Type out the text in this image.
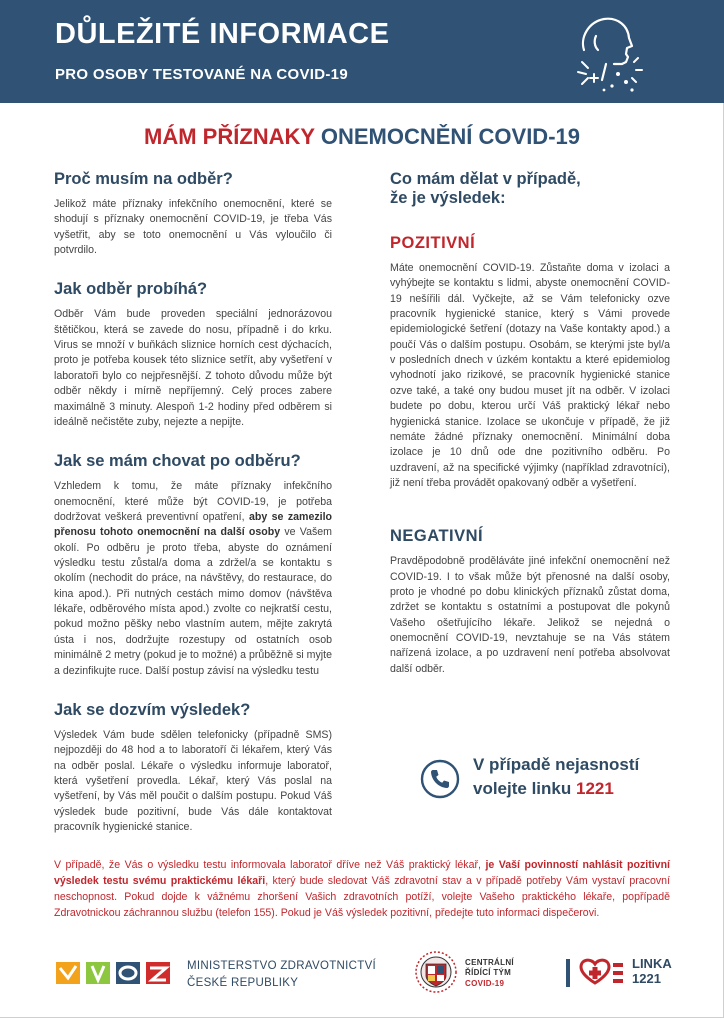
DŮLEŽITÉ INFORMACE
PRO OSOBY TESTOVANÉ NA COVID-19
MÁM PŘÍZNAKY ONEMOCNĚNÍ COVID-19
Proč musím na odběr?

Jelikož máte příznaky infekčního onemocnění, které se shodují s příznaky onemocnění COVID-19, je třeba Vás vyšetřit, aby se toto onemocnění u Vás vyloučilo či potvrdilo.

Jak odběr probíhá?

Odběr Vám bude proveden speciální jednorázovou štětičkou, která se zavede do nosu, případně i do krku. Virus se množí v buňkách sliznice horních cest dýchacích, proto je potřeba kousek této sliznice setřít, aby vyšetření v laboratoři bylo co nejpřesnější. Z tohoto důvodu může být odběr někdy i mírně nepříjemný. Celý proces zabere maximálně 3 minuty. Alespoň 1-2 hodiny před odběrem si ideálně nečistěte zuby, nejezte a nepijte.

Jak se mám chovat po odběru?

Vzhledem k tomu, že máte příznaky infekčního onemocnění, které může být COVID-19, je potřeba dodržovat veškerá preventivní opatření, aby se zamezilo přenosu tohoto onemocnění na další osoby ve Vašem okolí. Po odběru je proto třeba, abyste do oznámení výsledku testu zůstal/a doma a zdržel/a se kontaktu s okolím (nechodit do práce, na návštěvy, do restaurace, do kina apod.). Při nutných cestách mimo domov (návštěva lékaře, odběrového místa apod.) zvolte co nejkratší cestu, pokud možno pěšky nebo vlastním autem, mějte zakrytá ústa i nos, dodržujte rozestupy od ostatních osob minimálně 2 metry (pokud je to možné) a průběžně si myjte a dezinfikujte ruce. Další postup závisí na výsledku testu

Jak se dozvím výsledek?

Výsledek Vám bude sdělen telefonicky (případně SMS) nejpozději do 48 hod a to laboratoří či lékařem, který Vás na odběr poslal. Lékaře o výsledku informuje laboratoř, která vyšetření provedla. Lékař, který Vás poslal na vyšetření, by Vás měl poučit o dalším postupu. Pokud Váš výsledek bude pozitivní, bude Vás dále kontaktovat pracovník hygienické stanice.

Co mám dělat v případě,
že je výsledek:
POZITIVNÍ

Máte onemocnění COVID-19. Zůstaňte doma v izolaci a vyhýbejte se kontaktu s lidmi, abyste onemocnění COVID-19 nešířili dál. Vyčkejte, až se Vám telefonicky ozve pracovník hygienické stanice, který s Vámi provede epidemiologické šetření (dotazy na Vaše kontakty apod.) a poučí Vás o dalším postupu. Osobám, se kterými jste byl/a v posledních dnech v úzkém kontaktu a které epidemiolog vyhodnotí jako rizikové, se pracovník hygienické stanice ozve také, a také ony budou muset jít na odběr. V izolaci budete po dobu, kterou určí Váš praktický lékař nebo hygienická stanice. Izolace se ukončuje v případě, že již nemáte žádné příznaky onemocnění. Minimální doba izolace je 10 dnů ode dne pozitivního odběru. Po uzdravení, až na specifické výjimky (například zdravotníci), již není třeba provádět opakovaný odběr a vyšetření.

NEGATIVNÍ

Pravděpodobně proděláváte jiné infekční onemocnění než COVID-19. I to však může být přenosné na další osoby, proto je vhodné po dobu klinických příznaků zůstat doma, zdržet se kontaktu s ostatními a postupovat dle pokynů Vašeho ošetřujícího lékaře. Jelikož se nejedná o onemocnění COVID-19, nevztahuje se na Vás státem nařízená izolace, a po uzdravení není potřeba absolvovat další odběr.

V případě nejasností
volejte linku 1221

V případě, že Vás o výsledku testu informovala laboratoř dříve než Váš praktický lékař, je Vaší povinností nahlásit pozitivní výsledek testu svému praktickému lékaři, který bude sledovat Váš zdravotní stav a v případě potřeby Vám vystaví pracovní neschopnost. Pokud dojde k vážnému zhoršení Vašich zdravotních potíží, volejte Vašeho praktického lékaře, popřípadě Zdravotnickou záchrannou službu (telefon 155). Pokud je Váš výsledek pozitivní, předejte tuto informaci dispečerovi.

MINISTERSTVO ZDRAVOTNICTVÍ
ČESKÉ REPUBLIKY
CENTRÁLNÍ
ŘÍDÍCÍ TÝM
COVID-19
LINKA
1221
